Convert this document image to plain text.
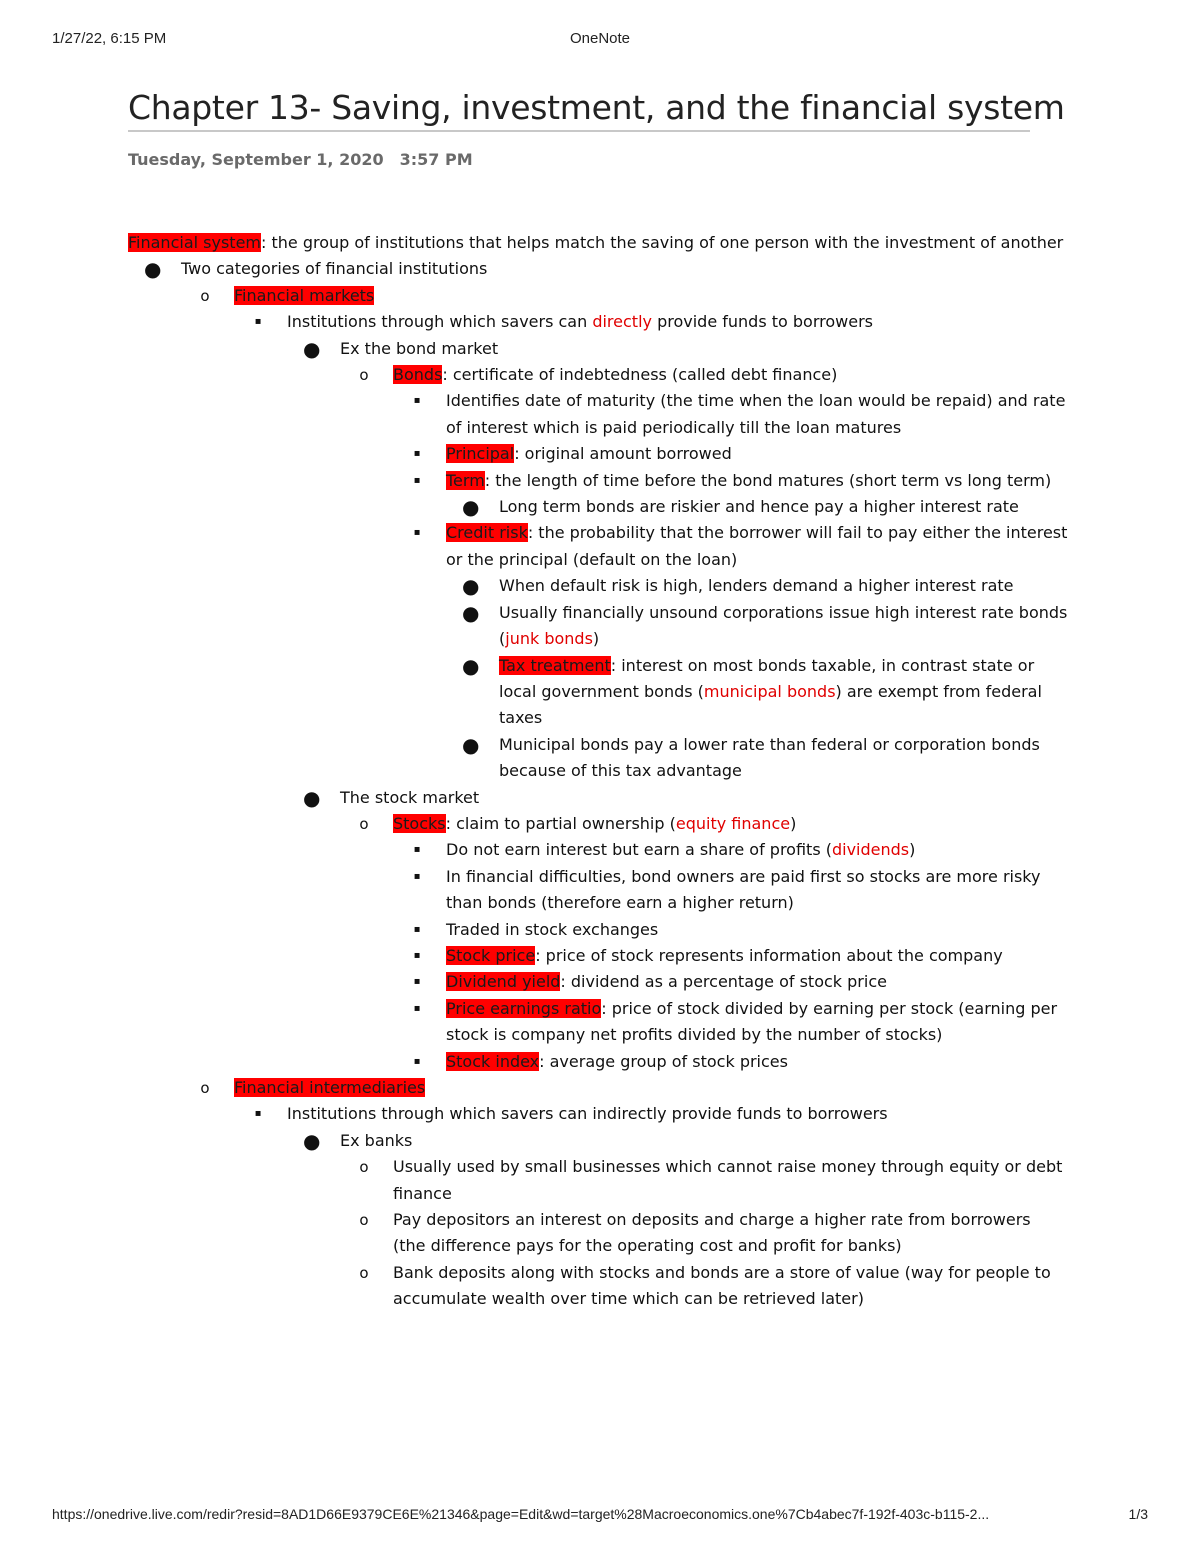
1/27/22, 6:15 PM	OneNote
Chapter 13- Saving, investment, and the financial system
Tuesday, September 1, 2020 3:57 PM
Financial system: the group of institutions that helps match the saving of one person with the investment of another
● Two categories of financial institutions
o Financial markets
▪ Institutions through which savers can directly provide funds to borrowers
● Ex the bond market
o Bonds: certificate of indebtedness (called debt finance)
▪ Identifies date of maturity (the time when the loan would be repaid) and rate of interest which is paid periodically till the loan matures
▪ Principal: original amount borrowed
▪ Term: the length of time before the bond matures (short term vs long term)
● Long term bonds are riskier and hence pay a higher interest rate
▪ Credit risk: the probability that the borrower will fail to pay either the interest or the principal (default on the loan)
● When default risk is high, lenders demand a higher interest rate
● Usually financially unsound corporations issue high interest rate bonds (junk bonds)
● Tax treatment: interest on most bonds taxable, in contrast state or local government bonds (municipal bonds) are exempt from federal taxes
● Municipal bonds pay a lower rate than federal or corporation bonds because of this tax advantage
● The stock market
o Stocks: claim to partial ownership (equity finance)
▪ Do not earn interest but earn a share of profits (dividends)
▪ In financial difficulties, bond owners are paid first so stocks are more risky than bonds (therefore earn a higher return)
▪ Traded in stock exchanges
▪ Stock price: price of stock represents information about the company
▪ Dividend yield: dividend as a percentage of stock price
▪ Price earnings ratio: price of stock divided by earning per stock (earning per stock is company net profits divided by the number of stocks)
▪ Stock index: average group of stock prices
o Financial intermediaries
▪ Institutions through which savers can indirectly provide funds to borrowers
● Ex banks
o Usually used by small businesses which cannot raise money through equity or debt finance
o Pay depositors an interest on deposits and charge a higher rate from borrowers (the difference pays for the operating cost and profit for banks)
o Bank deposits along with stocks and bonds are a store of value (way for people to accumulate wealth over time which can be retrieved later)
https://onedrive.live.com/redir?resid=8AD1D66E9379CE6E%21346&page=Edit&wd=target%28Macroeconomics.one%7Cb4abec7f-192f-403c-b115-2...	1/3
